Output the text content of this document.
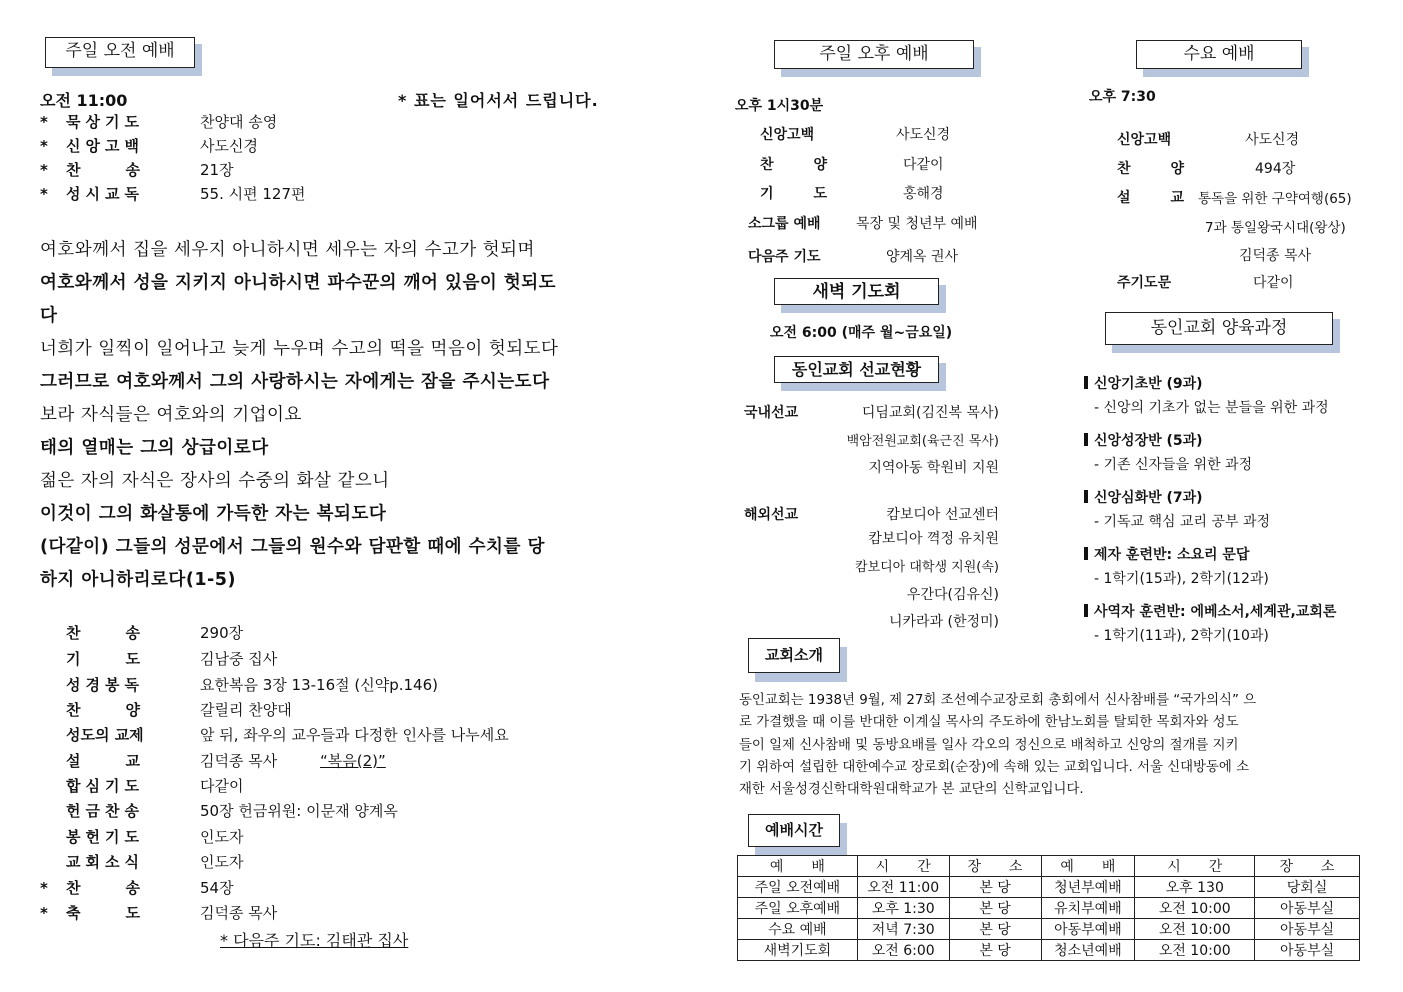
주일 오전 예배
오전 11:00	* 표는 일어서서 드립니다.
* 묵상기도	찬양대 송영
* 신앙고백	사도신경
* 찬　　송	21장
* 성시교독	55. 시편 127편
여호와께서 집을 세우지 아니하시면 세우는 자의 수고가 헛되며
여호와께서 성을 지키지 아니하시면 파수꾼의 깨어 있음이 헛되도
다
너희가 일찍이 일어나고 늦게 누우며 수고의 떡을 먹음이 헛되도다
그러므로 여호와께서 그의 사랑하시는 자에게는 잠을 주시는도다
보라 자식들은 여호와의 기업이요
태의 열매는 그의 상급이로다
젊은 자의 자식은 장사의 수중의 화살 같으니
이것이 그의 화살통에 가득한 자는 복되도다
(다같이) 그들의 성문에서 그들의 원수와 담판할 때에 수치를 당
하지 아니하리로다(1-5)
찬　　송	290장
기　　도	김남중 집사
성경봉독	요한복음 3장 13-16절 (신약p.146)
찬　　양	갈릴리 찬양대
성도의 교제	앞 뒤, 좌우의 교우들과 다정한 인사를 나누세요
설　　교	김덕종 목사	“복음(2)”
합심기도	다같이
헌금찬송	50장 헌금위원: 이문재 양계옥
봉헌기도	인도자
교회소식	인도자
* 찬　　송	54장
* 축　　도	김덕종 목사
* 다음주 기도: 김태관 집사
주일 오후 예배
오후 1시30분
신앙고백	사도신경
찬　　양	다같이
기　　도	홍해경
소그룹 예배	목장 및 청년부 예배
다음주 기도	양계옥 권사
새벽 기도회
오전 6:00 (매주 월~금요일)
동인교회 선교현황
국내선교	디딤교회(김진복 목사)
백암전원교회(육근진 목사)
지역아동 학원비 지원
해외선교	캄보디아 선교센터
캄보디아 껵정 유치원
캄보디아 대학생 지원(속)
우간다(김유신)
니카라과 (한정미)
수요 예배
오후 7:30
신앙고백	사도신경
찬　　양	494장
설　　교 통독을 위한 구약여행(65)
7과 통일왕국시대(왕상)
김덕종 목사
주기도문	다같이
동인교회 양육과정
신앙기초반 (9과)
- 신앙의 기초가 없는 분들을 위한 과정
신앙성장반 (5과)
- 기존 신자들을 위한 과정
신앙심화반 (7과)
- 기독교 핵심 교리 공부 과정
제자 훈련반: 소요리 문답
- 1학기(15과), 2학기(12과)
사역자 훈련반: 에베소서,세계관,교회론
- 1학기(11과), 2학기(10과)
교회소개
동인교회는 1938년 9월, 제 27회 조선예수교장로회 총회에서 신사참배를 “국가의식” 으
로 가결했을 때 이를 반대한 이계실 목사의 주도하에 한남노회를 탈퇴한 목회자와 성도
들이 일제 신사참배 및 동방요배를 일사 각오의 정신으로 배척하고 신앙의 절개를 지키
기 위하여 설립한 대한예수교 장로회(순장)에 속해 있는 교회입니다. 서울 신대방동에 소
재한 서울성경신학대학원대학교가 본 교단의 신학교입니다.
예배시간
예　　배	시　　간	장　　소	예　　배	시　　간	장　　소
주일 오전예배	오전 11:00	본 당	청년부예배	오후 130	당회실
주일 오후예배	오후 1:30	본 당	유치부예배	오전 10:00	아동부실
수요 예배	저녁 7:30	본 당	아동부예배	오전 10:00	아동부실
새벽기도회	오전 6:00	본 당	청소년예배	오전 10:00	아동부실
